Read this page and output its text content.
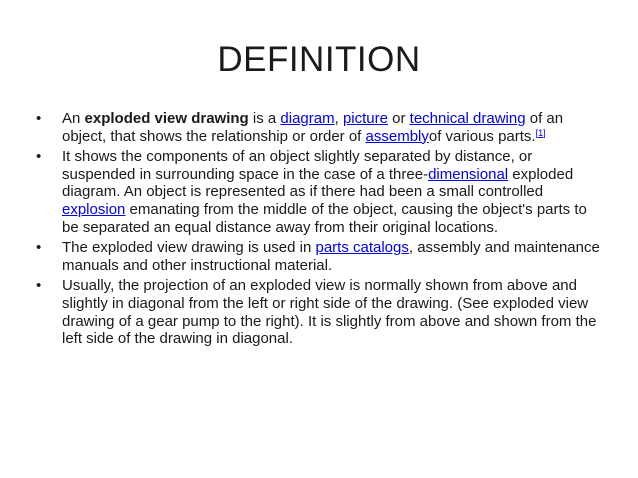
DEFINITION
• An exploded view drawing is a diagram, picture or technical drawing of an object, that shows the relationship or order of assemblyof various parts.[1]
• It shows the components of an object slightly separated by distance, or suspended in surrounding space in the case of a three-dimensional exploded diagram. An object is represented as if there had been a small controlled explosion emanating from the middle of the object, causing the object's parts to be separated an equal distance away from their original locations.
• The exploded view drawing is used in parts catalogs, assembly and maintenance manuals and other instructional material.
• Usually, the projection of an exploded view is normally shown from above and slightly in diagonal from the left or right side of the drawing. (See exploded view drawing of a gear pump to the right). It is slightly from above and shown from the left side of the drawing in diagonal.
